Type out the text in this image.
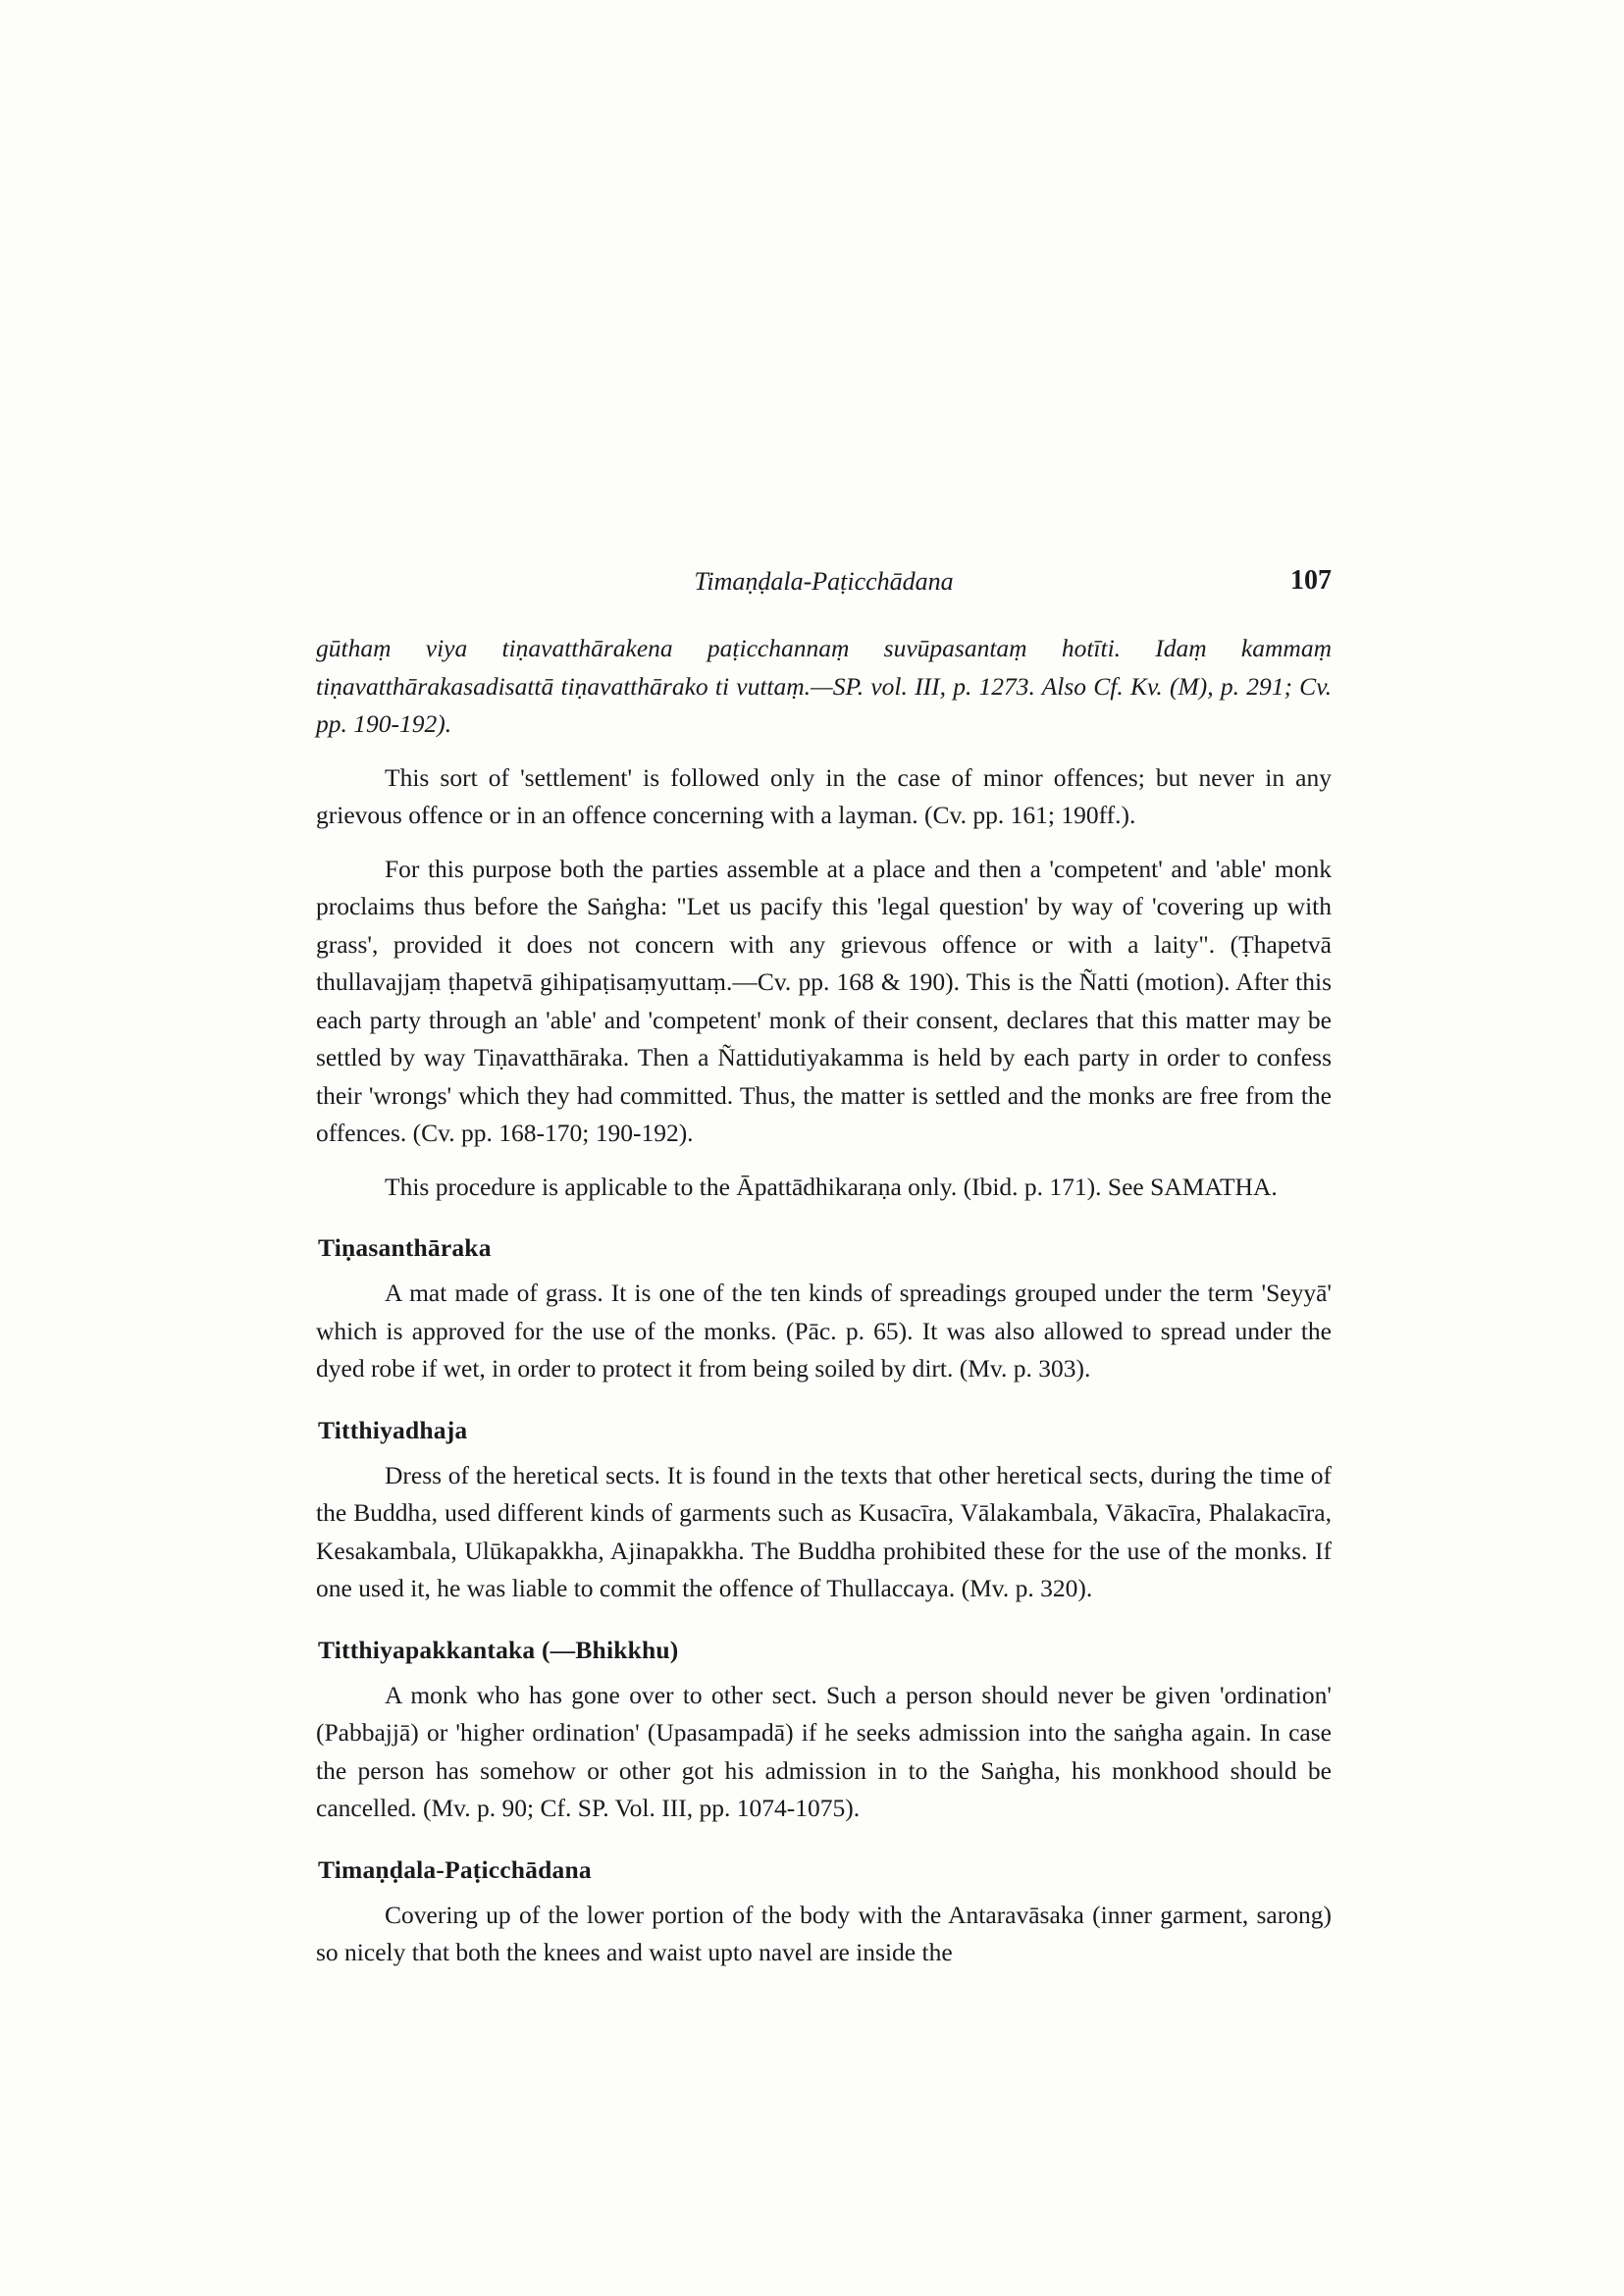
Timaṇḍala-Paṭicchādana	107

gūthaṃ viya tiṇavatthārakena paṭicchannaṃ suvūpasantaṃ hotīti. Idaṃ kammaṃ tiṇavatthārakasadisattā tiṇavatthārako ti vuttaṃ.—SP. vol. III, p. 1273. Also Cf. Kv. (M), p. 291; Cv. pp. 190-192).

This sort of 'settlement' is followed only in the case of minor offences; but never in any grievous offence or in an offence concerning with a layman. (Cv. pp. 161; 190ff.).

For this purpose both the parties assemble at a place and then a 'competent' and 'able' monk proclaims thus before the Saṅgha: "Let us pacify this 'legal question' by way of 'covering up with grass', provided it does not concern with any grievous offence or with a laity". (Ṭhapetvā thullavajjaṃ ṭhapetvā gihipaṭisaṃyuttaṃ.—Cv. pp. 168 & 190). This is the Ñatti (motion). After this each party through an 'able' and 'competent' monk of their consent, declares that this matter may be settled by way Tiṇavatthāraka. Then a Ñattidutiyakamma is held by each party in order to confess their 'wrongs' which they had committed. Thus, the matter is settled and the monks are free from the offences. (Cv. pp. 168-170; 190-192).

This procedure is applicable to the Āpattādhikaraṇa only. (Ibid. p. 171). See SAMATHA.

Tiṇasanthāraka

A mat made of grass. It is one of the ten kinds of spreadings grouped under the term 'Seyyā' which is approved for the use of the monks. (Pāc. p. 65). It was also allowed to spread under the dyed robe if wet, in order to protect it from being soiled by dirt. (Mv. p. 303).

Titthiyadhaja

Dress of the heretical sects. It is found in the texts that other heretical sects, during the time of the Buddha, used different kinds of garments such as Kusacīra, Vālakambala, Vākacīra, Phalakacīra, Kesakambala, Ulūkapakkha, Ajinapakkha. The Buddha prohibited these for the use of the monks. If one used it, he was liable to commit the offence of Thullaccaya. (Mv. p. 320).

Titthiyapakkantaka (—Bhikkhu)

A monk who has gone over to other sect. Such a person should never be given 'ordination' (Pabbajjā) or 'higher ordination' (Upasampadā) if he seeks admission into the saṅgha again. In case the person has somehow or other got his admission in to the Saṅgha, his monkhood should be cancelled. (Mv. p. 90; Cf. SP. Vol. III, pp. 1074-1075).

Timaṇḍala-Paṭicchādana

Covering up of the lower portion of the body with the Antaravāsaka (inner garment, sarong) so nicely that both the knees and waist upto navel are inside the
